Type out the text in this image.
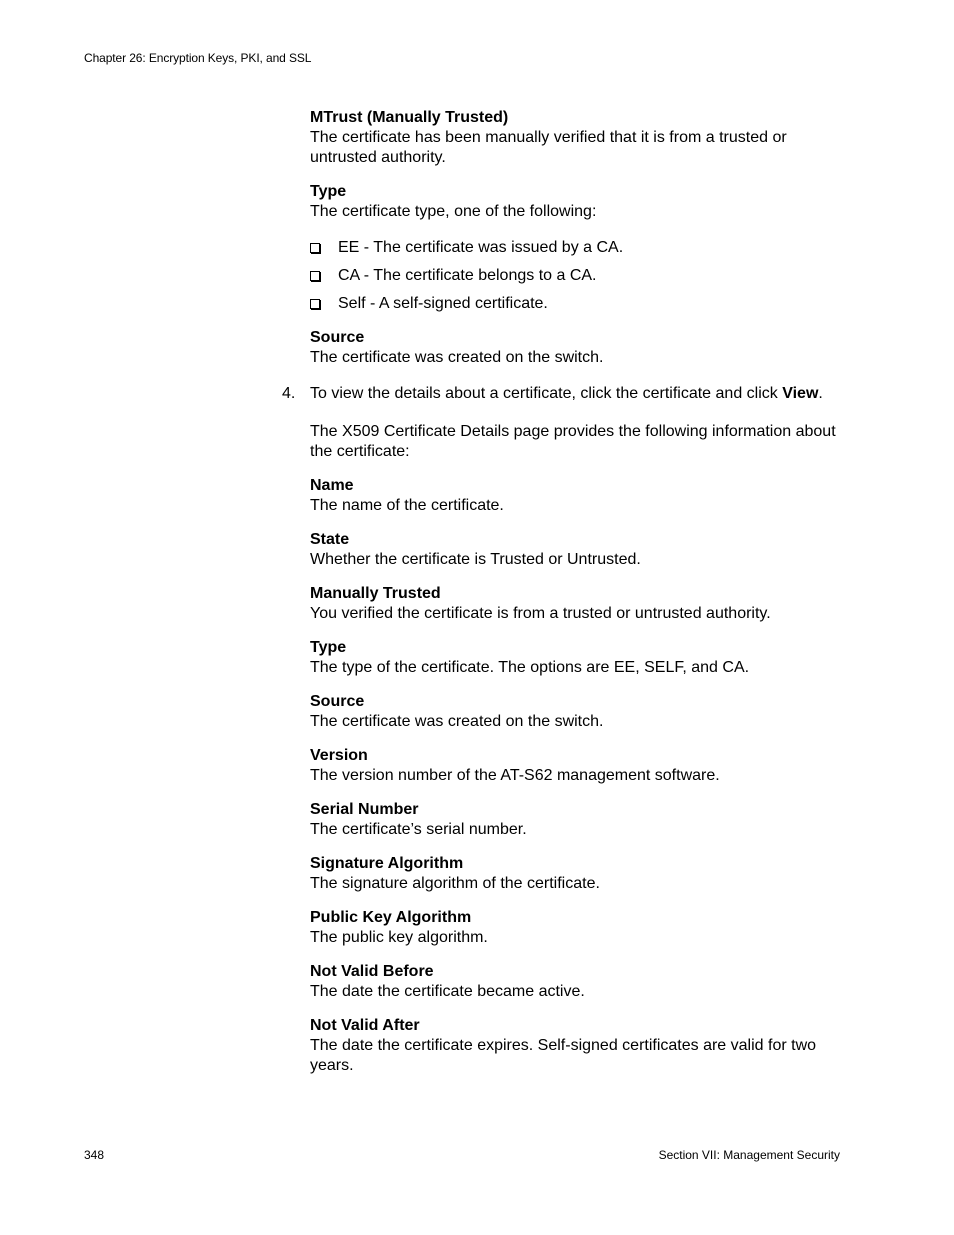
Chapter 26: Encryption Keys, PKI, and SSL
MTrust (Manually Trusted)
The certificate has been manually verified that it is from a trusted or untrusted authority.
Type
The certificate type, one of the following:
EE - The certificate was issued by a CA.
CA - The certificate belongs to a CA.
Self - A self-signed certificate.
Source
The certificate was created on the switch.
4. To view the details about a certificate, click the certificate and click View.
The X509 Certificate Details page provides the following information about the certificate:
Name
The name of the certificate.
State
Whether the certificate is Trusted or Untrusted.
Manually Trusted
You verified the certificate is from a trusted or untrusted authority.
Type
The type of the certificate. The options are EE, SELF, and CA.
Source
The certificate was created on the switch.
Version
The version number of the AT-S62 management software.
Serial Number
The certificate’s serial number.
Signature Algorithm
The signature algorithm of the certificate.
Public Key Algorithm
The public key algorithm.
Not Valid Before
The date the certificate became active.
Not Valid After
The date the certificate expires. Self-signed certificates are valid for two years.
348	Section VII: Management Security
